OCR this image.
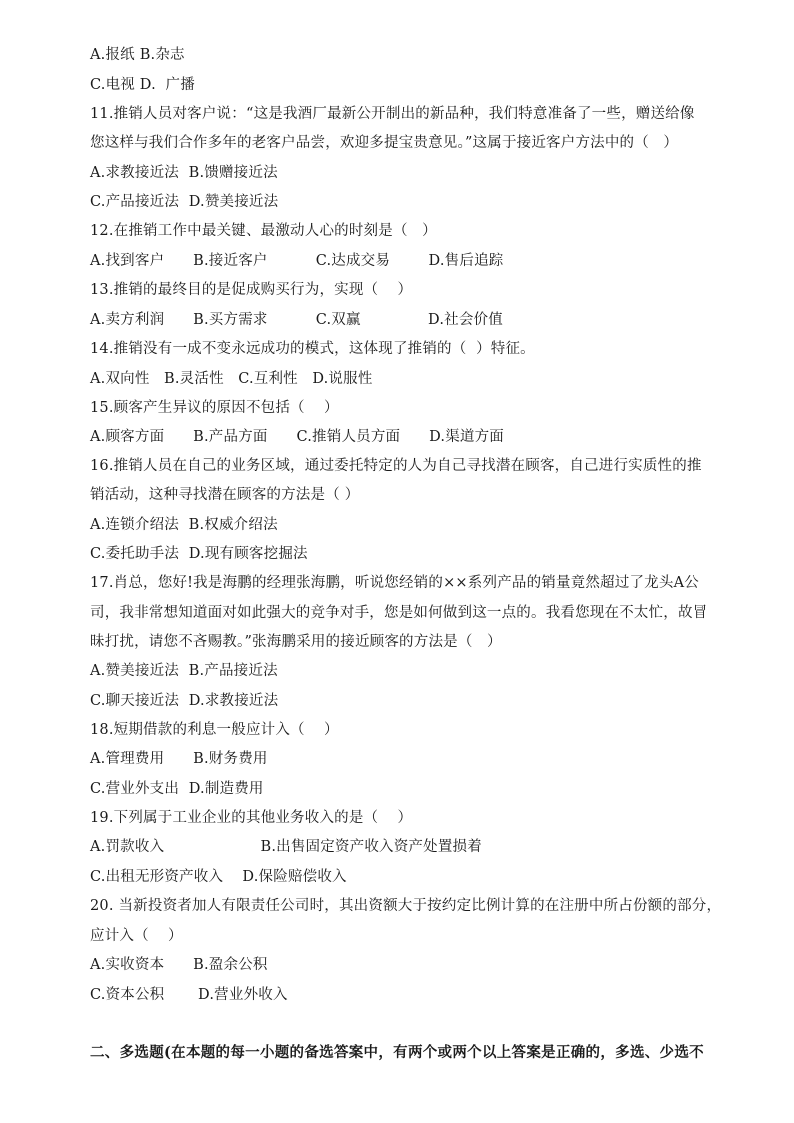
A.报纸 B.杂志
C.电视 D.  广播
11.推销人员对客户说：“这是我酒厂最新公开制出的新品种，我们特意准备了一些，赠送给像
您这样与我们合作多年的老客户品尝，欢迎多提宝贵意见。”这属于接近客户方法中的（   ）
A.求教接近法  B.馈赠接近法
C.产品接近法  D.赞美接近法
12.在推销工作中最关键、最激动人心的时刻是（   ）
A.找到客户      B.接近客户          C.达成交易        D.售后追踪
13.推销的最终目的是促成购买行为，实现（    ）
A.卖方利润      B.买方需求          C.双赢              D.社会价值
14.推销没有一成不变永远成功的模式，这体现了推销的（  ）特征。
A.双向性   B.灵活性   C.互利性   D.说服性
15.顾客产生异议的原因不包括（    ）
A.顾客方面      B.产品方面      C.推销人员方面      D.渠道方面
16.推销人员在自己的业务区域，通过委托特定的人为自己寻找潜在顾客，自己进行实质性的推
销活动，这种寻找潜在顾客的方法是（ ）
A.连锁介绍法  B.权威介绍法
C.委托助手法  D.现有顾客挖掘法
17.肖总，您好!我是海鹏的经理张海鹏，听说您经销的××系列产品的销量竟然超过了龙头A公
司，我非常想知道面对如此强大的竞争对手，您是如何做到这一点的。我看您现在不太忙，故冒
昧打扰，请您不吝赐教。”张海鹏采用的接近顾客的方法是（   ）
A.赞美接近法  B.产品接近法
C.聊天接近法  D.求教接近法
18.短期借款的利息一般应计入（    ）
A.管理费用      B.财务费用
C.营业外支出  D.制造费用
19.下列属于工业企业的其他业务收入的是（    ）
A.罚款收入                    B.出售固定资产收入资产处置损着
C.出租无形资产收入    D.保险赔偿收入
20. 当新投资者加人有限责任公司时，其出资额大于按约定比例计算的在注册中所占份额的部分，
应计入（    ）
A.实收资本      B.盈余公积
C.资本公积       D.营业外收入
二、多选题(在本题的每一小题的备选答案中，有两个或两个以上答案是正确的，多选、少选不
